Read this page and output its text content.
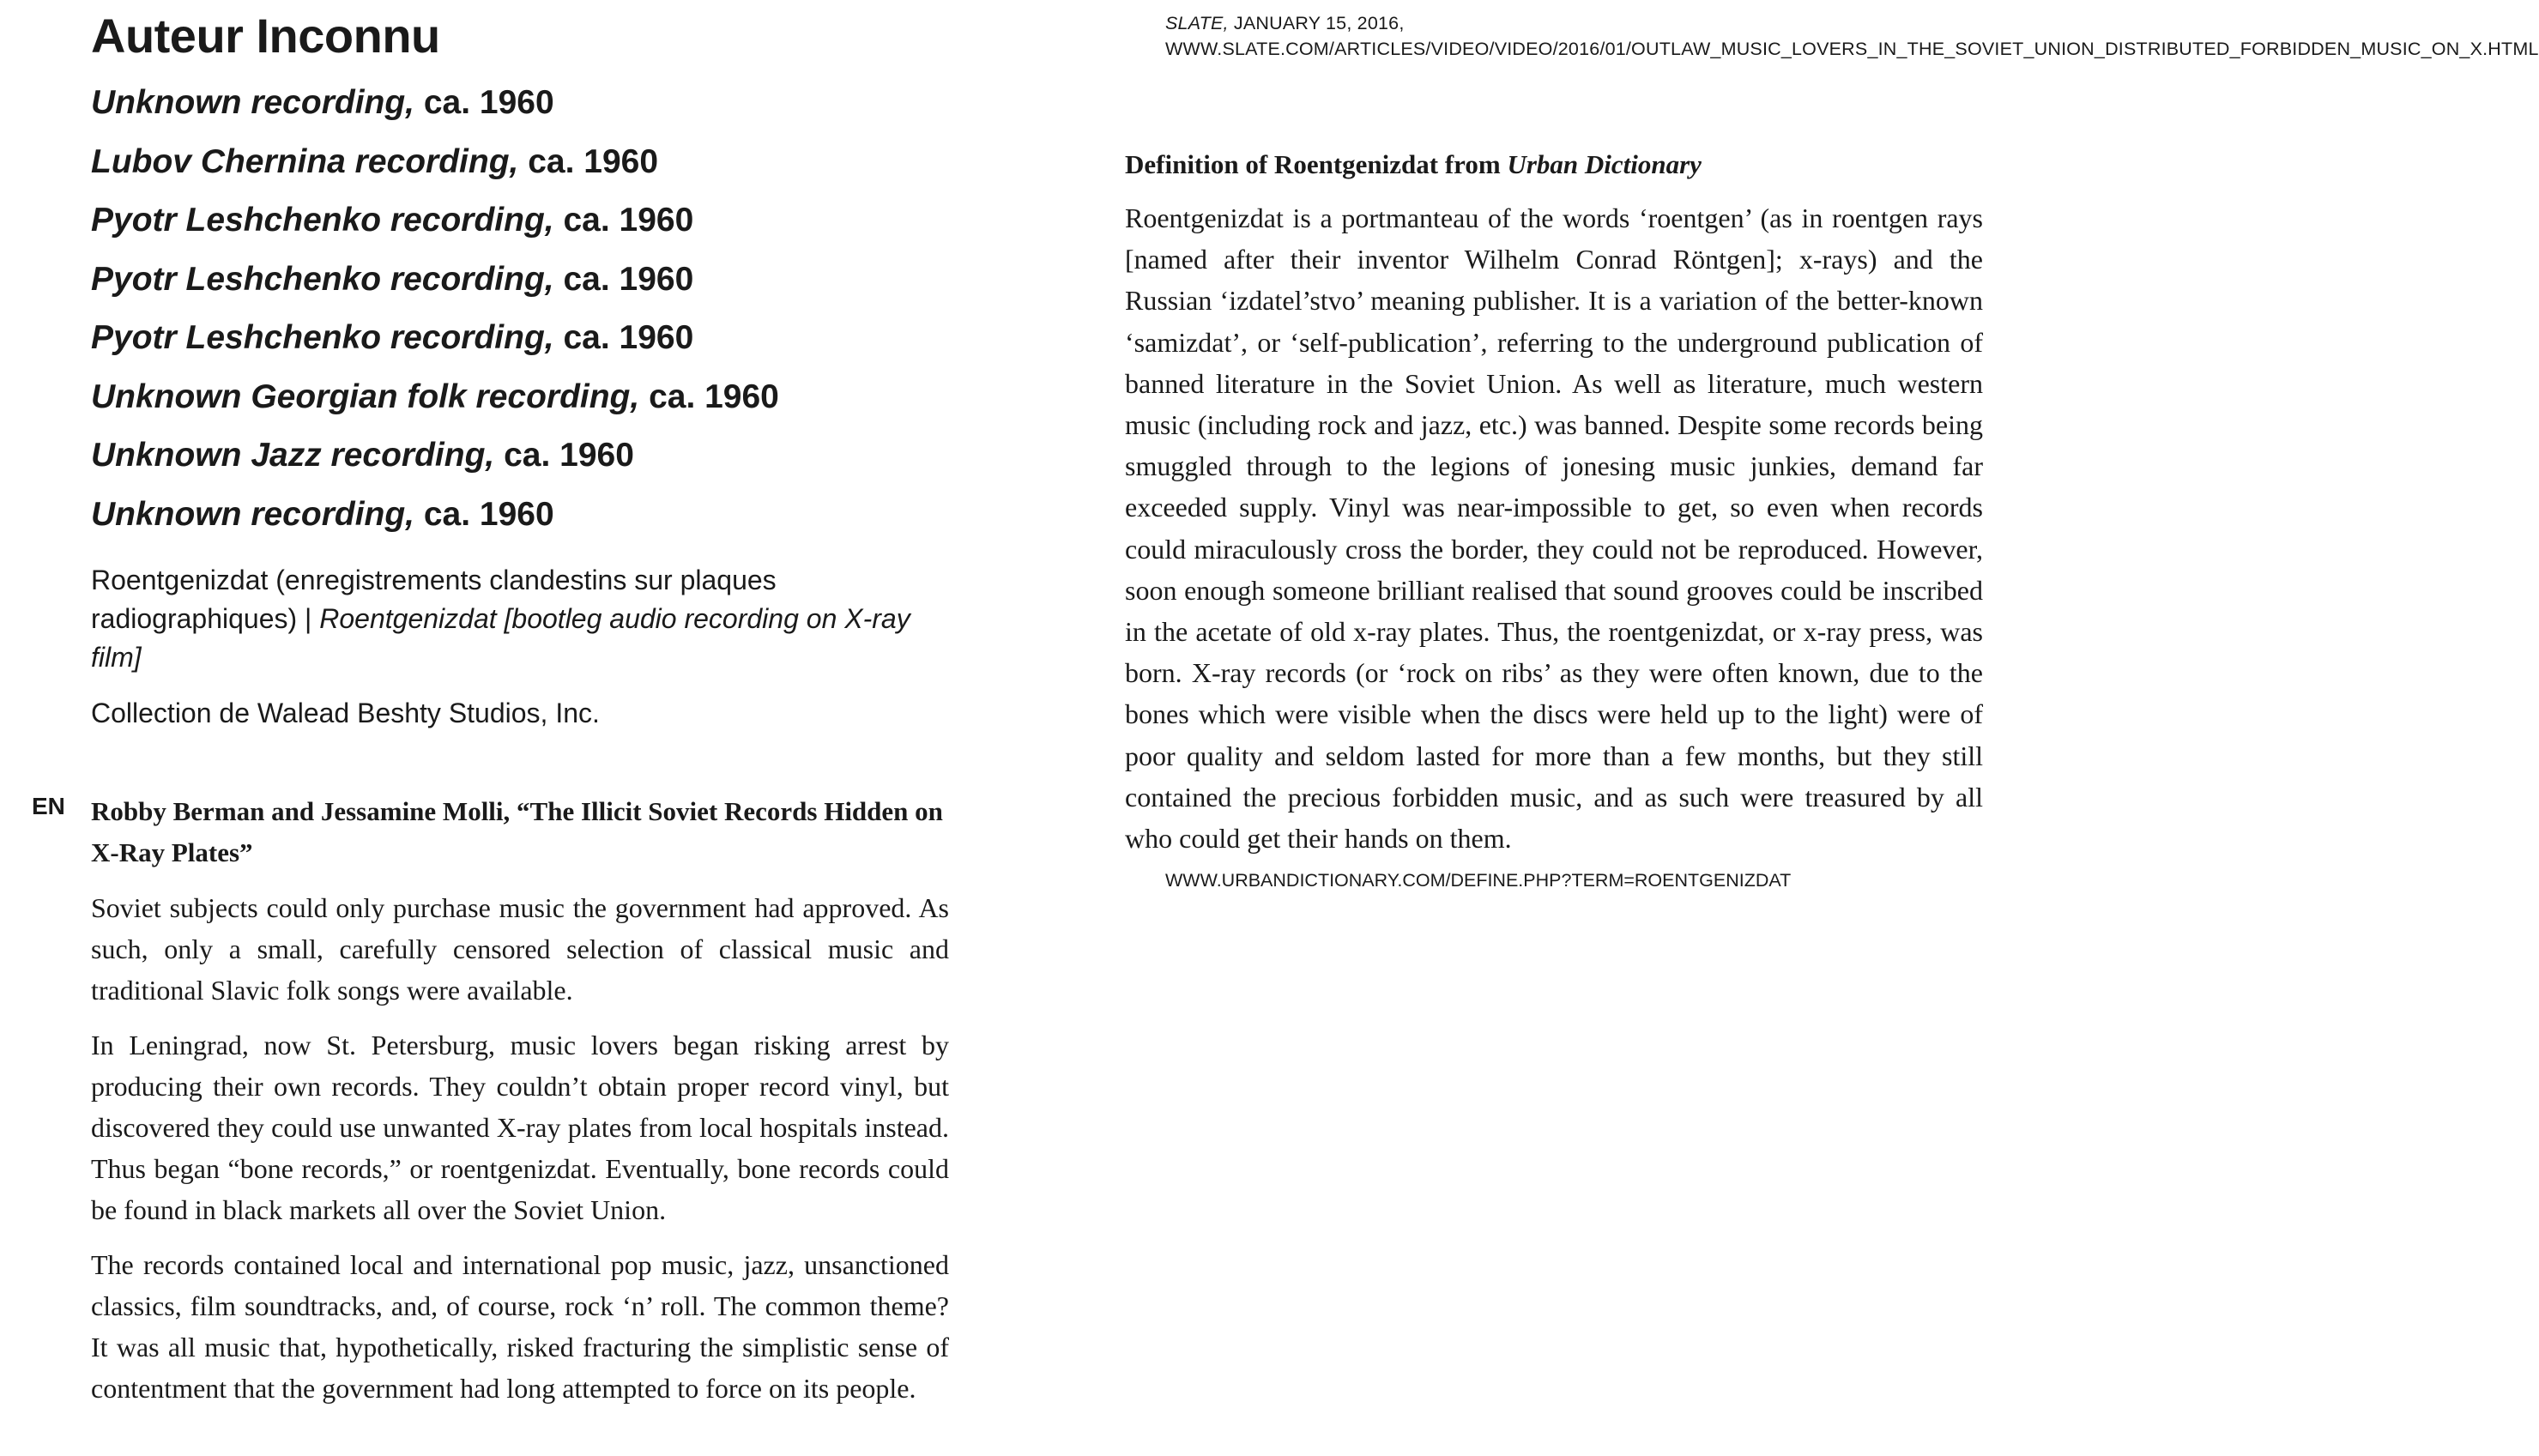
Auteur Inconnu
Unknown recording, ca. 1960
Lubov Chernina recording, ca. 1960
Pyotr Leshchenko recording, ca. 1960
Pyotr Leshchenko recording, ca. 1960
Pyotr Leshchenko recording, ca. 1960
Unknown Georgian folk recording, ca. 1960
Unknown Jazz recording, ca. 1960
Unknown recording, ca. 1960

Roentgenizdat (enregistrements clandestins sur plaques radiographiques) | Roentgenizdat [bootleg audio recording on X-ray film]

Collection de Walead Beshty Studios, Inc.

EN Robby Berman and Jessamine Molli, “The Illicit Soviet Records Hidden on X-Ray Plates”

Soviet subjects could only purchase music the government had approved. As such, only a small, carefully censored selection of classical music and traditional Slavic folk songs were available.

In Leningrad, now St. Petersburg, music lovers began risking arrest by producing their own records. They couldn’t obtain proper record vinyl, but discovered they could use unwanted X-ray plates from local hospitals instead. Thus began “bone records,” or roentgenizdat. Eventually, bone records could be found in black markets all over the Soviet Union.

The records contained local and international pop music, jazz, unsanctioned classics, film soundtracks, and, of course, rock ‘n’ roll. The common theme? It was all music that, hypothetically, risked fracturing the simplistic sense of contentment that the government had long attempted to force on its people.

SLATE, JANUARY 15, 2016, WWW.SLATE.COM/ARTICLES/VIDEO/VIDEO/2016/01/OUTLAW_MUSIC_LOVERS_IN_THE_SOVIET_UNION_DISTRIBUTED_FORBIDDEN_MUSIC_ON_X.HTML
Definition of Roentgenizdat from Urban Dictionary

Roentgenizdat is a portmanteau of the words ‘roentgen’ (as in roentgen rays [named after their inventor Wilhelm Conrad Röntgen]; x-rays) and the Russian ‘izdatel’stvo’ meaning publisher. It is a variation of the better-known ‘samizdat’, or ‘self-publication’, referring to the underground publication of banned literature in the Soviet Union. As well as literature, much western music (including rock and jazz, etc.) was banned. Despite some records being smuggled through to the legions of jonesing music junkies, demand far exceeded supply. Vinyl was near-impossible to get, so even when records could miraculously cross the border, they could not be reproduced. However, soon enough someone brilliant realised that sound grooves could be inscribed in the acetate of old x-ray plates. Thus, the roentgenizdat, or x-ray press, was born. X-ray records (or ‘rock on ribs’ as they were often known, due to the bones which were visible when the discs were held up to the light) were of poor quality and seldom lasted for more than a few months, but they still contained the precious forbidden music, and as such were treasured by all who could get their hands on them.

WWW.URBANDICTIONARY.COM/DEFINE.PHP?TERM=ROENTGENIZDAT
